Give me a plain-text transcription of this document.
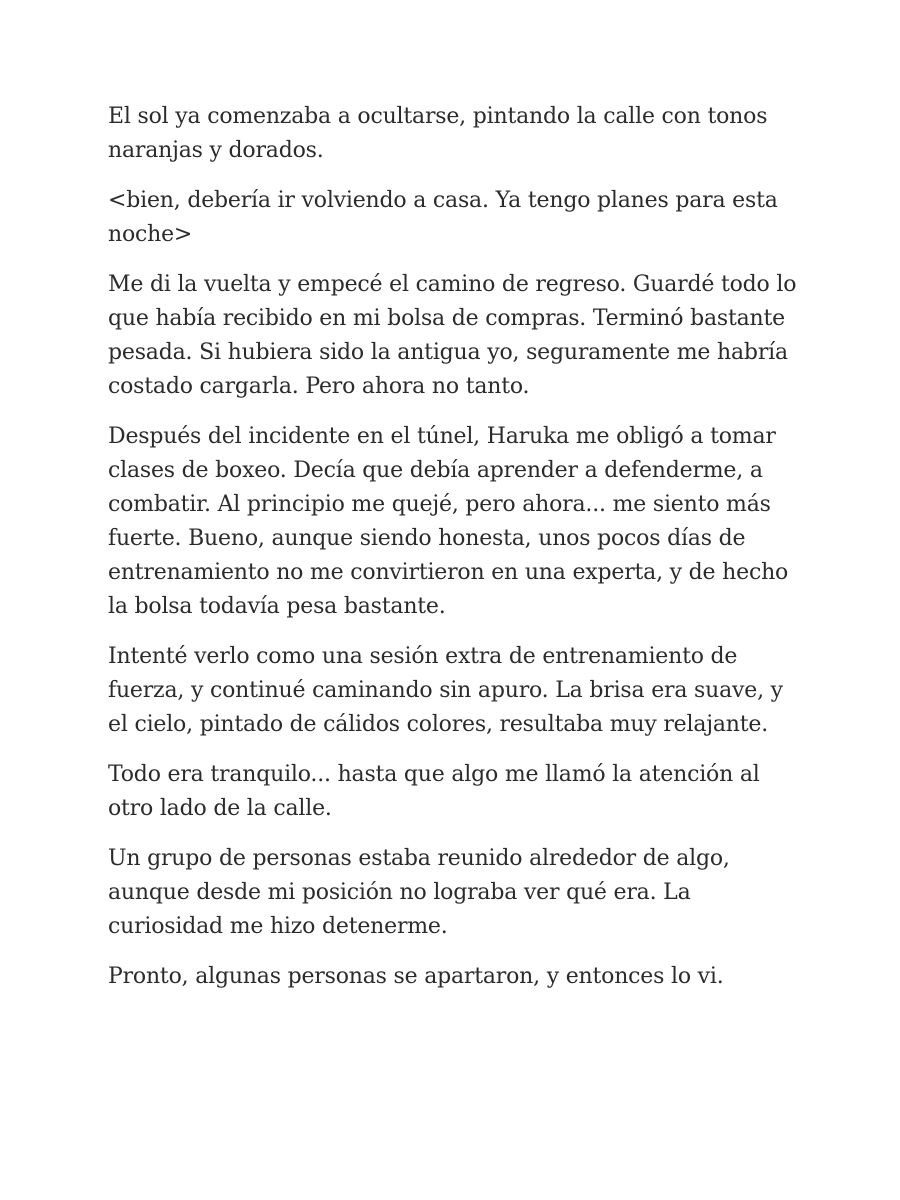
El sol ya comenzaba a ocultarse, pintando la calle con tonos naranjas y dorados.

<bien, debería ir volviendo a casa. Ya tengo planes para esta noche>

Me di la vuelta y empecé el camino de regreso. Guardé todo lo que había recibido en mi bolsa de compras. Terminó bastante pesada. Si hubiera sido la antigua yo, seguramente me habría costado cargarla. Pero ahora no tanto.

Después del incidente en el túnel, Haruka me obligó a tomar clases de boxeo. Decía que debía aprender a defenderme, a combatir. Al principio me quejé, pero ahora... me siento más fuerte. Bueno, aunque siendo honesta, unos pocos días de entrenamiento no me convirtieron en una experta, y de hecho la bolsa todavía pesa bastante.

Intenté verlo como una sesión extra de entrenamiento de fuerza, y continué caminando sin apuro. La brisa era suave, y el cielo, pintado de cálidos colores, resultaba muy relajante.

Todo era tranquilo... hasta que algo me llamó la atención al otro lado de la calle.

Un grupo de personas estaba reunido alrededor de algo, aunque desde mi posición no lograba ver qué era. La curiosidad me hizo detenerme.

Pronto, algunas personas se apartaron, y entonces lo vi.
